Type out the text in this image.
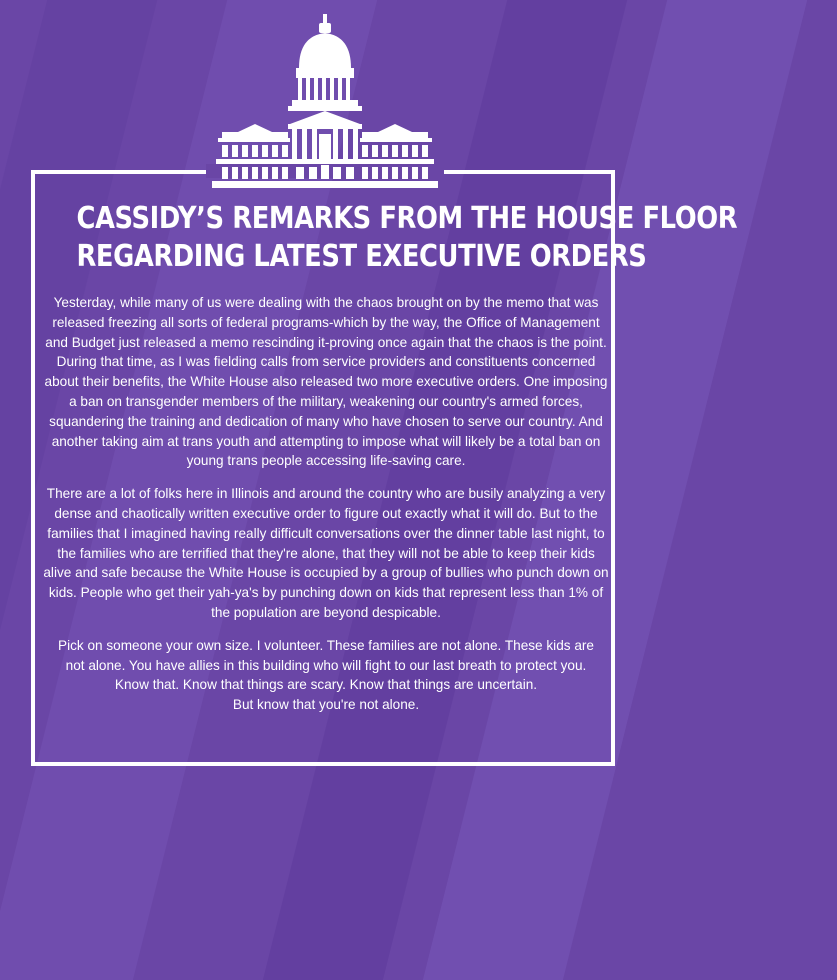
CASSIDY’S REMARKS FROM THE HOUSE FLOOR
REGARDING LATEST EXECUTIVE ORDERS

Yesterday, while many of us were dealing with the chaos brought on by the memo that was released freezing all sorts of federal programs-which by the way, the Office of Management and Budget just released a memo rescinding it-proving once again that the chaos is the point. During that time, as I was fielding calls from service providers and constituents concerned about their benefits, the White House also released two more executive orders. One imposing a ban on transgender members of the military, weakening our country's armed forces, squandering the training and dedication of many who have chosen to serve our country. And another taking aim at trans youth and attempting to impose what will likely be a total ban on young trans people accessing life-saving care.

There are a lot of folks here in Illinois and around the country who are busily analyzing a very dense and chaotically written executive order to figure out exactly what it will do. But to the families that I imagined having really difficult conversations over the dinner table last night, to the families who are terrified that they're alone, that they will not be able to keep their kids alive and safe because the White House is occupied by a group of bullies who punch down on kids. People who get their yah-ya's by punching down on kids that represent less than 1% of the population are beyond despicable.

Pick on someone your own size. I volunteer. These families are not alone. These kids are
not alone. You have allies in this building who will fight to our last breath to protect you.
Know that. Know that things are scary. Know that things are uncertain.
But know that you're not alone.
